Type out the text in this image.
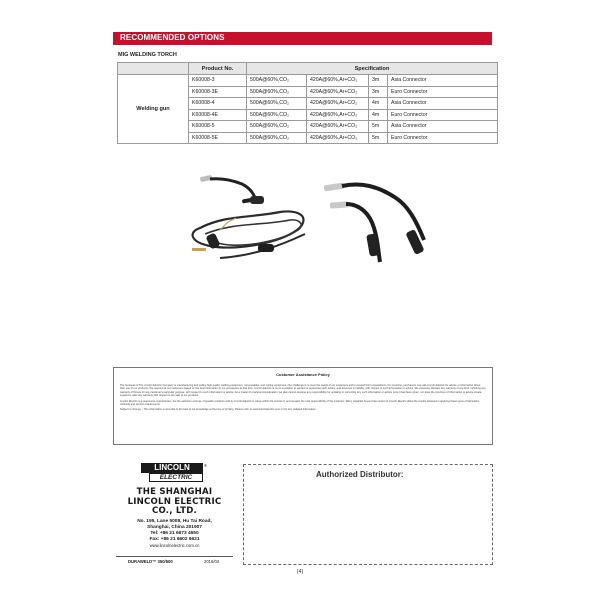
RECOMMENDED OPTIONS
MIG WELDING TORCH
	Product No.	Specification			
Welding gun	K60008-3	500A@60%,CO₂	420A@60%,Ar+CO₂	3m	Asia Connector
	K60008-3E	500A@60%,CO₂	420A@60%,Ar+CO₂	3m	Euro Connector
	K60008-4	500A@60%,CO₂	420A@60%,Ar+CO₂	4m	Asia Connector
	K60008-4E	500A@60%,CO₂	420A@60%,Ar+CO₂	4m	Euro Connector
	K60008-5	500A@60%,CO₂	420A@60%,Ar+CO₂	5m	Asia Connector
	K60008-5E	500A@60%,CO₂	420A@60%,Ar+CO₂	5m	Euro Connector
Customer Assistance Policy

The business of The Lincoln Electric Company is manufacturing and selling high quality welding equipment, consumables, and cutting equipment. Our challenge is to meet the needs of our customers and to exceed their expectations. On occasion, purchasers may ask Lincoln Electric for advice or information about their use of our products. We respond to our customers based on the best information in our possession at that time. Lincoln Electric is not in a position to warrant or guarantee such advice, and assumes no liability, with respect to such information or advice. We expressly disclaim any warranty of any kind, including any warranty of fitness for any customer's particular purpose, with respect to such information or advice. As a matter of practical consideration, we also cannot assume any responsibility for updating or correcting any such information or advice once it has been given, nor does the provision of information or advice create, expand or alter any warranty with respect to the sale of our products.

Lincoln Electric is a responsive manufacturer, but the selection and use of specific products sold by Lincoln Electric is solely within the control of, and remains the sole responsibility of the customer. Many variables beyond the control of Lincoln Electric affect the results obtained in applying these types of fabrication methods and service requirements.

Subject to change – This information is accurate to the best of our knowledge at the time of printing. Please refer to www.lincolnelectric.com.cn for any updated information.

LINCOLN
ELECTRIC
®
THE SHANGHAI
LINCOLN ELECTRIC
CO., LTD.
No. 195, Lane 5008, Hu Tai Road,
Shanghai, China 201907
Tel: +86 21 6673 4550
Fax: +86 21 6602 6621
www.lincolnelectric.com.cn
DURAWELD™ 350/500	2016/04
Authorized Distributor:
(4)
